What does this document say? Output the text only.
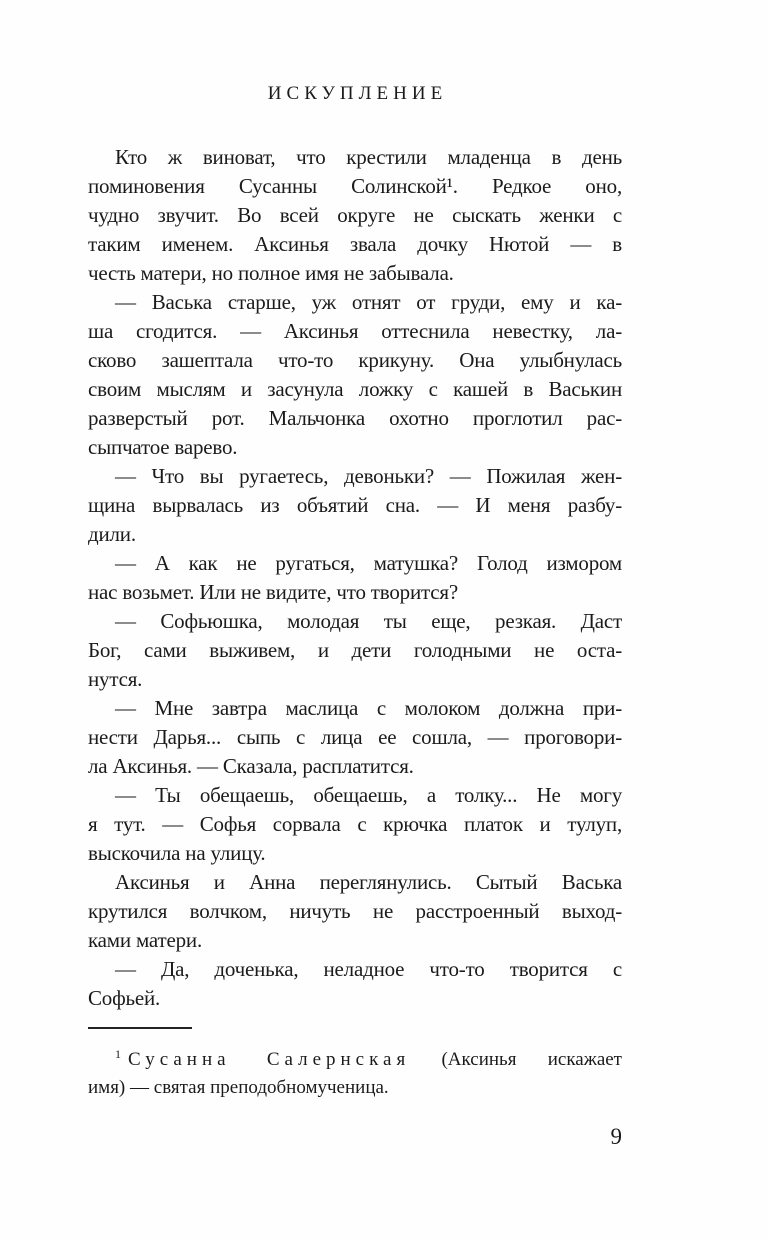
ИСКУПЛЕНИЕ
Кто ж виноват, что крестили младенца в день
поминовения Сусанны Солинской¹. Редкое оно,
чудно звучит. Во всей округе не сыскать женки с
таким именем. Аксинья звала дочку Нютой — в
честь матери, но полное имя не забывала.
— Васька старше, уж отнят от груди, ему и ка-
ша сгодится. — Аксинья оттеснила невестку, ла-
сково зашептала что-то крикуну. Она улыбнулась
своим мыслям и засунула ложку с кашей в Васькин
разверстый рот. Мальчонка охотно проглотил рас-
сыпчатое варево.
— Что вы ругаетесь, девоньки? — Пожилая жен-
щина вырвалась из объятий сна. — И меня разбу-
дили.
— А как не ругаться, матушка? Голод измором
нас возьмет. Или не видите, что творится?
— Софьюшка, молодая ты еще, резкая. Даст
Бог, сами выживем, и дети голодными не оста-
нутся.
— Мне завтра маслица с молоком должна при-
нести Дарья... сыпь с лица ее сошла, — проговори-
ла Аксинья. — Сказала, расплатится.
— Ты обещаешь, обещаешь, а толку... Не могу
я тут. — Софья сорвала с крючка платок и тулуп,
выскочила на улицу.
Аксинья и Анна переглянулись. Сытый Васька
крутился волчком, ничуть не расстроенный выход-
ками матери.
— Да, доченька, неладное что-то творится с
Софьей.
$^1$ Сусанна Салернская (Аксинья искажает
имя) — святая преподобномученица.
9
